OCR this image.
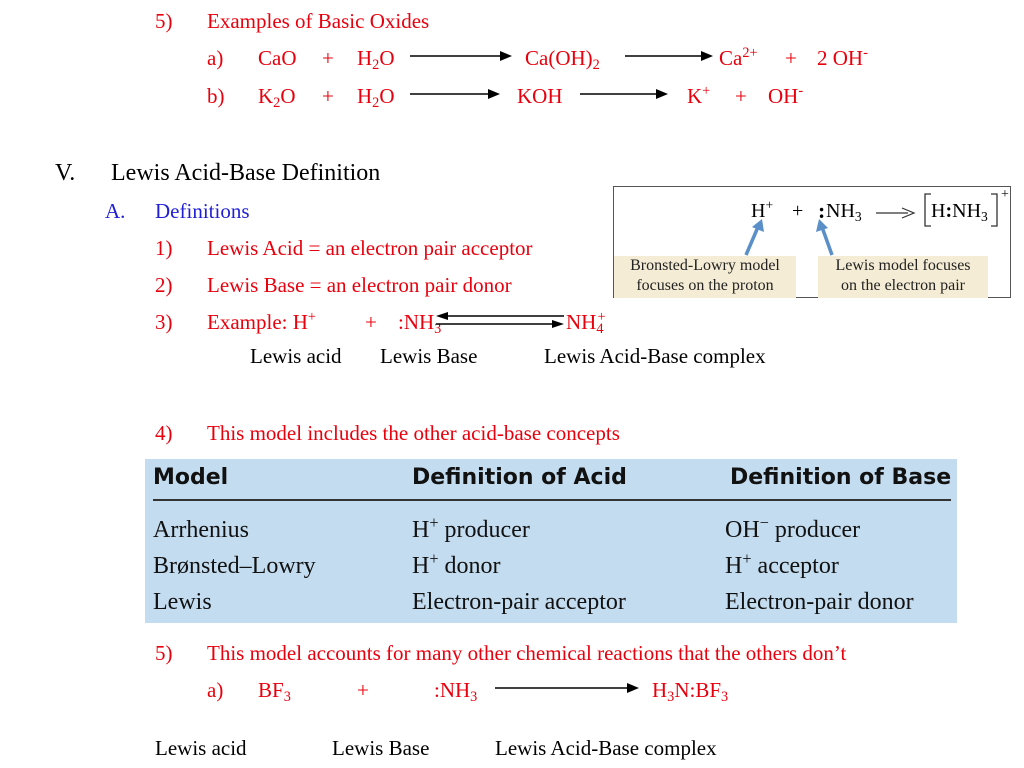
5) Examples of Basic Oxides
a) CaO + $H_2O$	$Ca(OH)_2$	$Ca^{2+} + 2$ OH-
b) $K_2O + H_2O$	KOH	K+ + OH-
V. Lewis Acid-Base Definition
A. Definitions
1) Lewis Acid = an electron pair acceptor
2) Lewis Base = an electron pair donor
3) Example: $H^+ + :NH_3$	$NH_4^+$
Lewis acid Lewis Base	Lewis Acid-Base complex
H+ + : $NH_3$	$H:NH_3$
+
Bronsted-Lowry model
focuses on the proton
Lewis model focuses
on the electron pair
4) This model includes the other acid-base concepts
Model	Definition of Acid	Definition of Base
Arrhenius	H+ producer	OH− producer
Brønsted–Lowry	H+ donor	H+ acceptor
Lewis	Electron-pair acceptor	Electron-pair donor
5) This model accounts for many other chemical reactions that the others don’t
a) $BF_3$	+	$:NH_3$	$H_3N:BF_3$
Lewis acid	Lewis Base	Lewis Acid-Base complex
